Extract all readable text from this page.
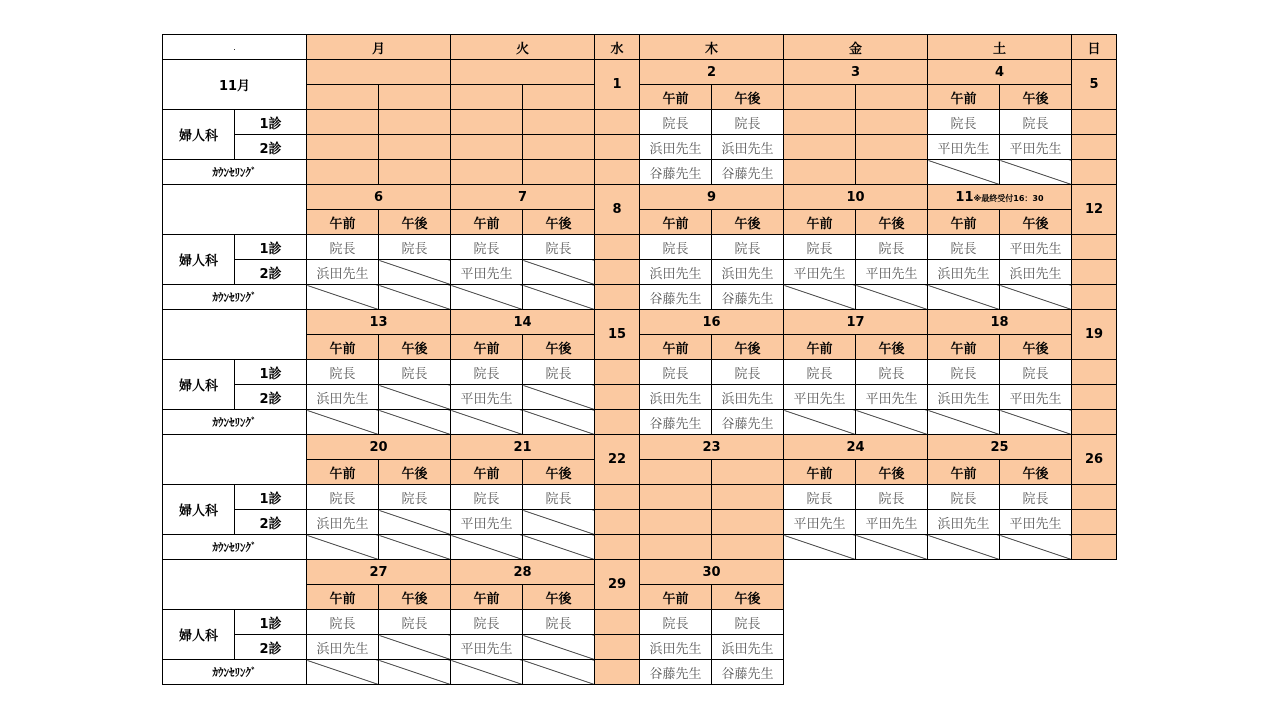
.		月		火		水	木		金		土		日
11月						1	2		3		4		5
							午前	午後			午前	午後	
婦人科	1診						院長	院長			院長	院長	
	2診						浜田先生	浜田先生			平田先生	平田先生	
ｶｳﾝｾﾘﾝｸﾞ							谷藤先生	谷藤先生					
		6		7		8	9		10		11※最終受付16：30		12
		午前	午後	午前	午後		午前	午後	午前	午後	午前	午後	
婦人科	1診	院長	院長	院長	院長		院長	院長	院長	院長	院長	平田先生	
	2診	浜田先生		平田先生			浜田先生	浜田先生	平田先生	平田先生	浜田先生	浜田先生	
ｶｳﾝｾﾘﾝｸﾞ							谷藤先生	谷藤先生					
		13		14		15	16		17		18		19
		午前	午後	午前	午後		午前	午後	午前	午後	午前	午後	
婦人科	1診	院長	院長	院長	院長		院長	院長	院長	院長	院長	院長	
	2診	浜田先生		平田先生			浜田先生	浜田先生	平田先生	平田先生	浜田先生	平田先生	
ｶｳﾝｾﾘﾝｸﾞ							谷藤先生	谷藤先生					
		20		21		22	23		24		25		26
		午前	午後	午前	午後				午前	午後	午前	午後	
婦人科	1診	院長	院長	院長	院長				院長	院長	院長	院長	
	2診	浜田先生		平田先生					平田先生	平田先生	浜田先生	平田先生	
ｶｳﾝｾﾘﾝｸﾞ													
		27		28		29	30						
		午前	午後	午前	午後		午前	午後					
婦人科	1診	院長	院長	院長	院長		院長	院長					
	2診	浜田先生		平田先生			浜田先生	浜田先生					
ｶｳﾝｾﾘﾝｸﾞ							谷藤先生	谷藤先生					
